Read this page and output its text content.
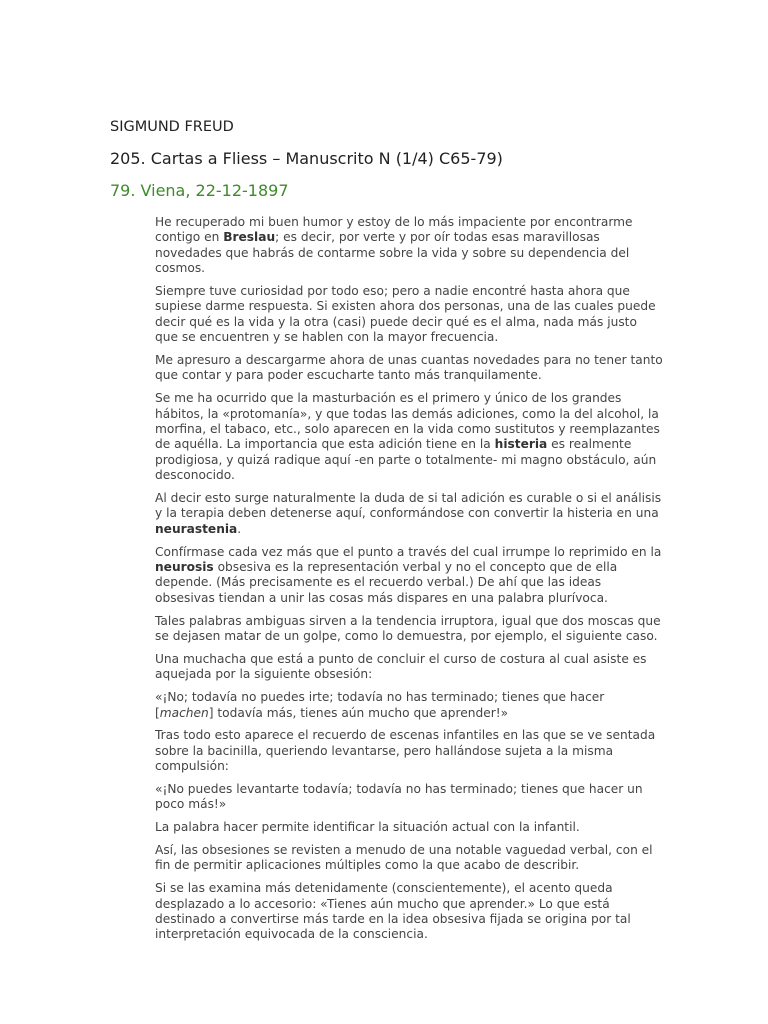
SIGMUND FREUD
205. Cartas a Fliess – Manuscrito N (1/4) C65-79)
79. Viena, 22-12-1897

He recuperado mi buen humor y estoy de lo más impaciente por encontrarme contigo en Breslau; es decir, por verte y por oír todas esas maravillosas novedades que habrás de contarme sobre la vida y sobre su dependencia del cosmos.

Siempre tuve curiosidad por todo eso; pero a nadie encontré hasta ahora que supiese darme respuesta. Si existen ahora dos personas, una de las cuales puede decir qué es la vida y la otra (casi) puede decir qué es el alma, nada más justo que se encuentren y se hablen con la mayor frecuencia.

Me apresuro a descargarme ahora de unas cuantas novedades para no tener tanto que contar y para poder escucharte tanto más tranquilamente.

Se me ha ocurrido que la masturbación es el primero y único de los grandes hábitos, la «protomanía», y que todas las demás adiciones, como la del alcohol, la morfina, el tabaco, etc., solo aparecen en la vida como sustitutos y reemplazantes de aquélla. La importancia que esta adición tiene en la histeria es realmente prodigiosa, y quizá radique aquí -en parte o totalmente- mi magno obstáculo, aún desconocido.

Al decir esto surge naturalmente la duda de si tal adición es curable o si el análisis y la terapia deben detenerse aquí, conformándose con convertir la histeria en una neurastenia.

Confírmase cada vez más que el punto a través del cual irrumpe lo reprimido en la neurosis obsesiva es la representación verbal y no el concepto que de ella depende. (Más precisamente es el recuerdo verbal.) De ahí que las ideas obsesivas tiendan a unir las cosas más dispares en una palabra plurívoca.

Tales palabras ambiguas sirven a la tendencia irruptora, igual que dos moscas que se dejasen matar de un golpe, como lo demuestra, por ejemplo, el siguiente caso.

Una muchacha que está a punto de concluir el curso de costura al cual asiste es aquejada por la siguiente obsesión:

«¡No; todavía no puedes irte; todavía no has terminado; tienes que hacer [machen] todavía más, tienes aún mucho que aprender!»

Tras todo esto aparece el recuerdo de escenas infantiles en las que se ve sentada sobre la bacinilla, queriendo levantarse, pero hallándose sujeta a la misma compulsión:

«¡No puedes levantarte todavía; todavía no has terminado; tienes que hacer un poco más!»

La palabra hacer permite identificar la situación actual con la infantil.

Así, las obsesiones se revisten a menudo de una notable vaguedad verbal, con el fin de permitir aplicaciones múltiples como la que acabo de describir.

Si se las examina más detenidamente (conscientemente), el acento queda desplazado a lo accesorio: «Tienes aún mucho que aprender.» Lo que está destinado a convertirse más tarde en la idea obsesiva fijada se origina por tal interpretación equivocada de la consciencia.
